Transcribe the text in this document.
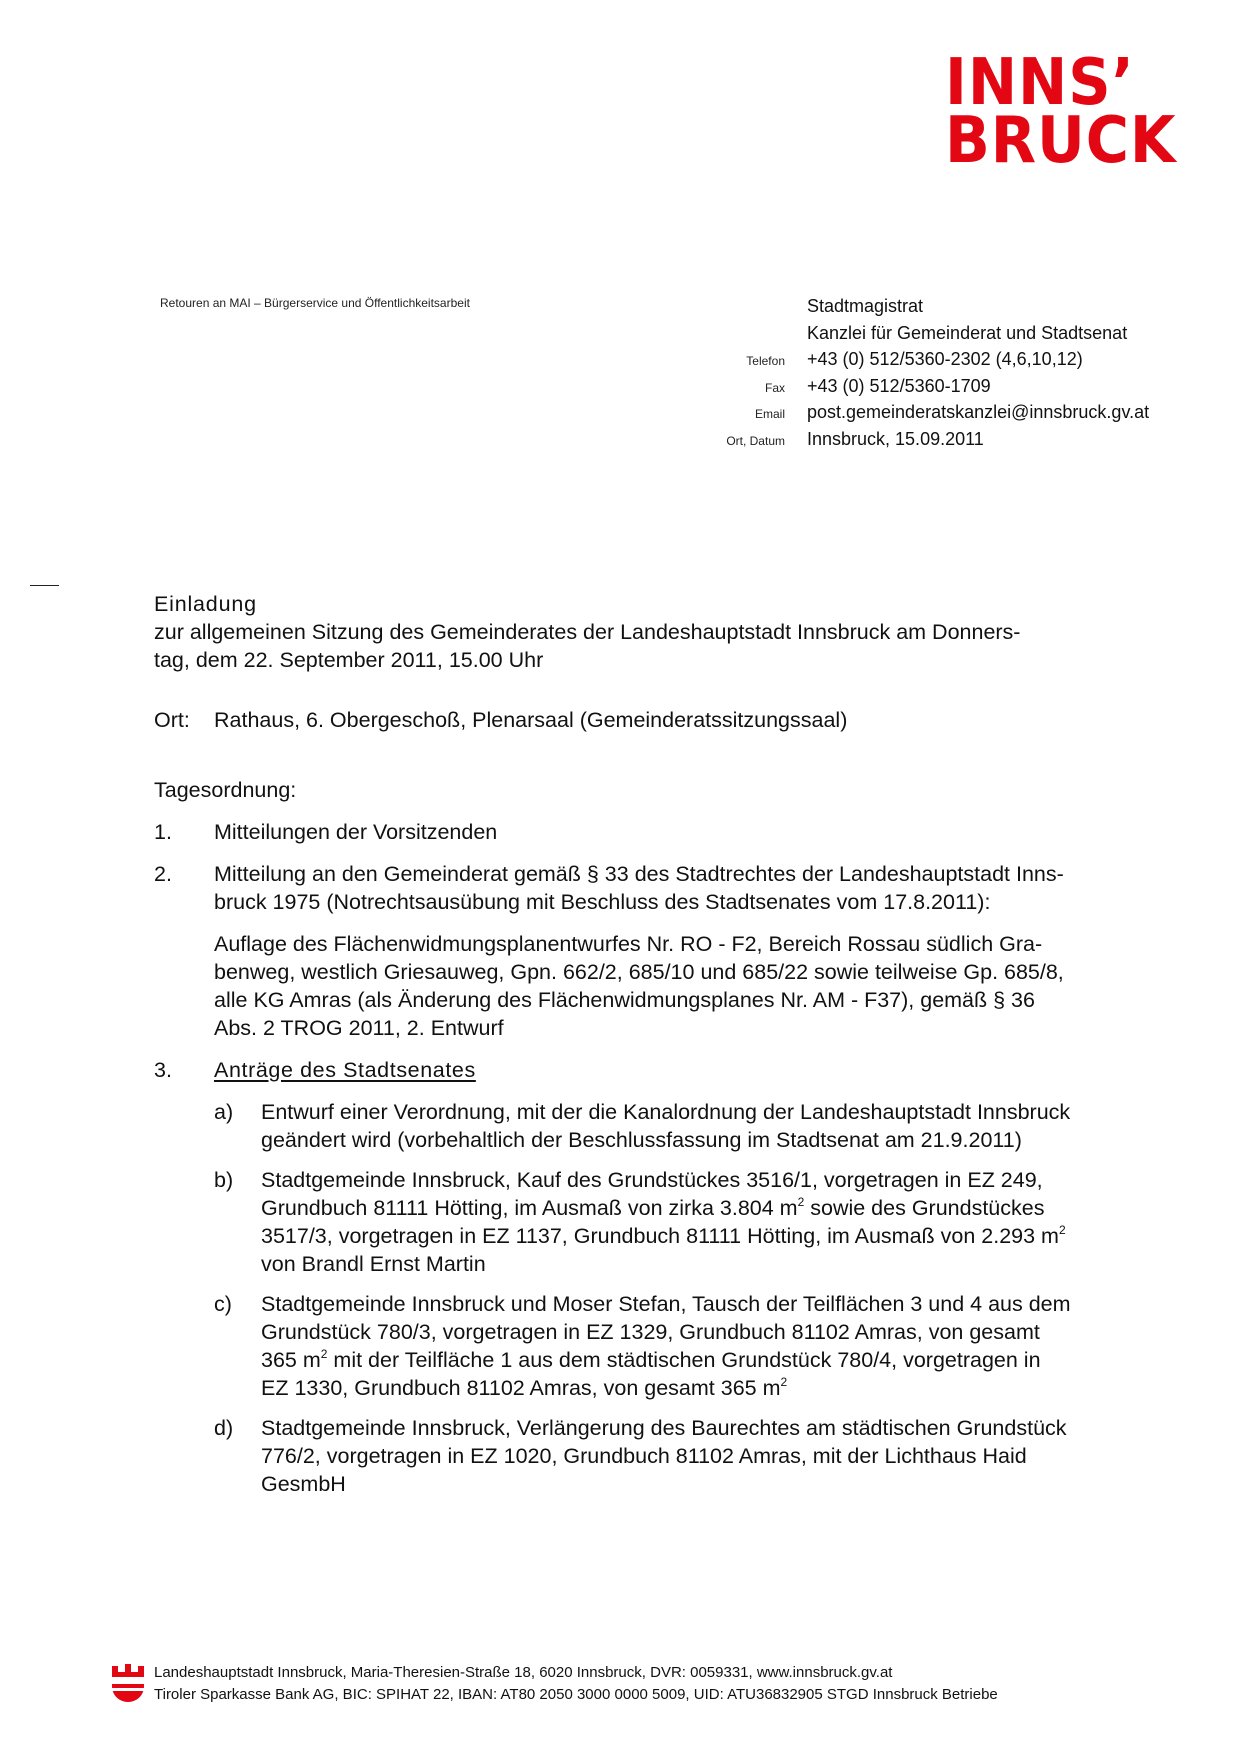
INNS’
BRUCK
Retouren an MAI – Bürgerservice und Öffentlichkeitsarbeit	Stadtmagistrat
Kanzlei für Gemeinderat und Stadtsenat
Telefon	+43 (0) 512/5360-2302 (4,6,10,12)
Fax	+43 (0) 512/5360-1709
Email	post.gemeinderatskanzlei@innsbruck.gv.at
Ort, Datum	Innsbruck, 15.09.2011

Einladung

zur allgemeinen Sitzung des Gemeinderates der Landeshauptstadt Innsbruck am Donners-

tag, dem 22. September 2011, 15.00 Uhr

Ort:	Rathaus, 6. Obergeschoß, Plenarsaal (Gemeinderatssitzungssaal)
Tagesordnung:
1.	Mitteilungen der Vorsitzenden
2.	Mitteilung an den Gemeinderat gemäß § 33 des Stadtrechtes der Landeshauptstadt Inns-
bruck 1975 (Notrechtsausübung mit Beschluss des Stadtsenates vom 17.8.2011):
Auflage des Flächenwidmungsplanentwurfes Nr. RO - F2, Bereich Rossau südlich Gra-
benweg, westlich Griesauweg, Gpn. 662/2, 685/10 und 685/22 sowie teilweise Gp. 685/8,
alle KG Amras (als Änderung des Flächenwidmungsplanes Nr. AM - F37), gemäß § 36
Abs. 2 TROG 2011, 2. Entwurf
3.	Anträge des Stadtsenates
a)	Entwurf einer Verordnung, mit der die Kanalordnung der Landeshauptstadt Innsbruck
geändert wird (vorbehaltlich der Beschlussfassung im Stadtsenat am 21.9.2011)
b)	Stadtgemeinde Innsbruck, Kauf des Grundstückes 3516/1, vorgetragen in EZ 249,
Grundbuch 81111 Hötting, im Ausmaß von zirka 3.804 $m^2$ sowie des Grundstückes
3517/3, vorgetragen in EZ 1137, Grundbuch 81111 Hötting, im Ausmaß von 2.293 $m^2$
von Brandl Ernst Martin
c)	Stadtgemeinde Innsbruck und Moser Stefan, Tausch der Teilflächen 3 und 4 aus dem
Grundstück 780/3, vorgetragen in EZ 1329, Grundbuch 81102 Amras, von gesamt
365 $m^2$ mit der Teilfläche 1 aus dem städtischen Grundstück 780/4, vorgetragen in
EZ 1330, Grundbuch 81102 Amras, von gesamt 365 $m^2$
d)	Stadtgemeinde Innsbruck, Verlängerung des Baurechtes am städtischen Grundstück
776/2, vorgetragen in EZ 1020, Grundbuch 81102 Amras, mit der Lichthaus Haid
GesmbH
Landeshauptstadt Innsbruck, Maria-Theresien-Straße 18, 6020 Innsbruck, DVR: 0059331, www.innsbruck.gv.at
Tiroler Sparkasse Bank AG, BIC: SPIHAT 22, IBAN: AT80 2050 3000 0000 5009, UID: ATU36832905 STGD Innsbruck Betriebe
